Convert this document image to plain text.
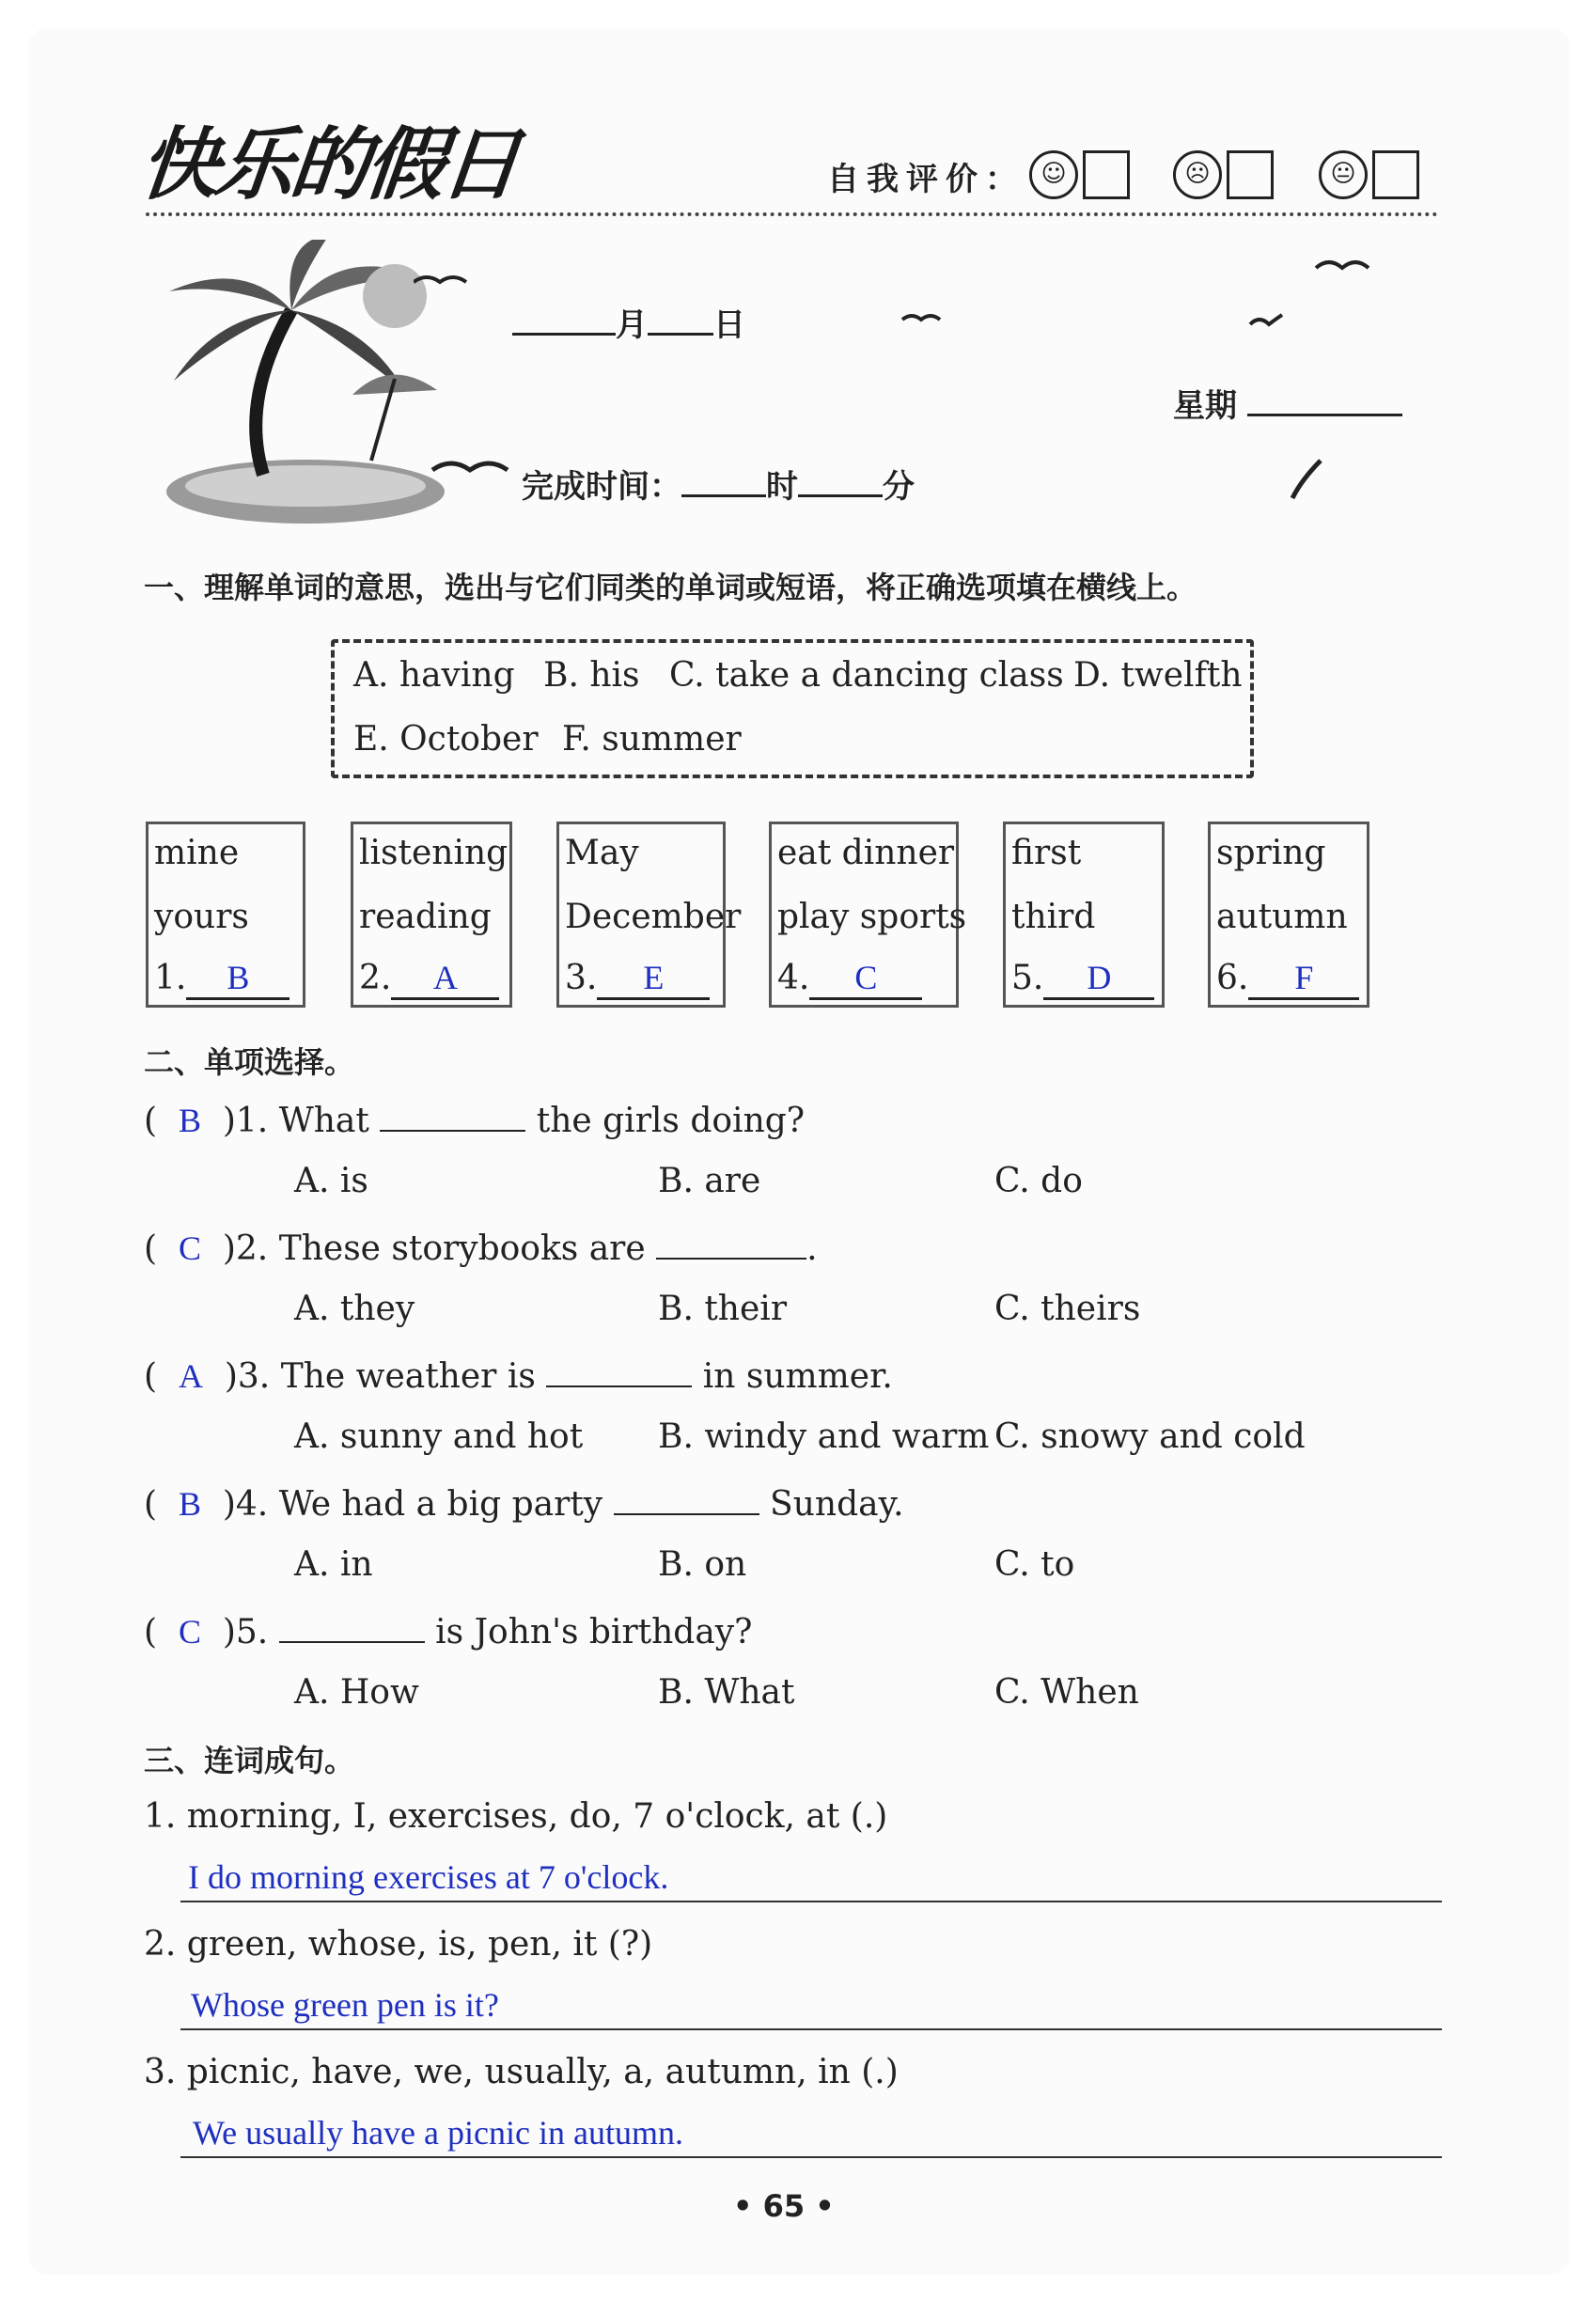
快乐的假日	自我评价： ☺	☹	😐
月 日
星期
完成时间：	时	分
一、理解单词的意思，选出与它们同类的单词或短语，将正确选项填在横线上。
A. having B. his C. take a dancing class D. twelfth
E. October F. summer
mine
yours
1. B
listening
reading
2. A
May
December
3. E
eat dinner
play sports
4. C
first
third
5. D
spring
autumn
6. F
二、单项选择。
(  B )1. What	the girls doing?
A. is	B. are	C. do
(  C )2. These storybooks are	.
A. they	B. their	C. theirs
(  A )3. The weather is	in summer.
A. sunny and hot B. windy and warm C. snowy and cold
(  B )4. We had a big party	Sunday.
A. in	B. on	C. to
(  C )5.	is John's birthday?
A. How	B. What	C. When
三、连词成句。
1. morning, I, exercises, do, 7 o'clock, at (.)
I do morning exercises at 7 o'clock.
2. green, whose, is, pen, it (?)
Whose green pen is it?
3. picnic, have, we, usually, a, autumn, in (.)
We usually have a picnic in autumn.
• 65 •
